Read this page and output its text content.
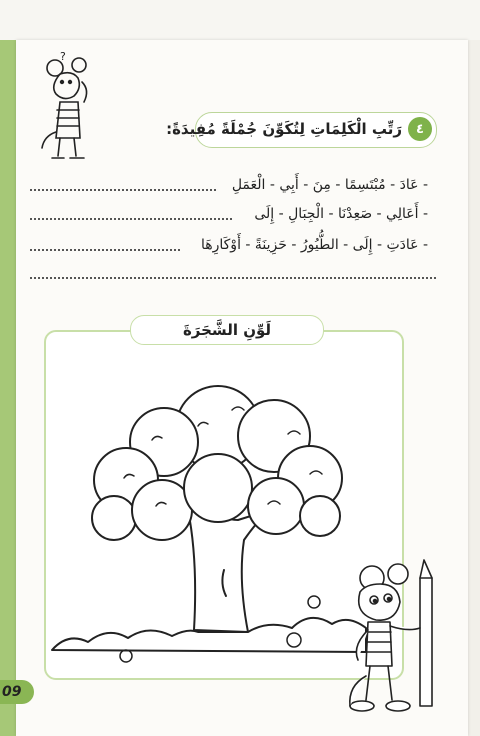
?
٤
رَتِّبِ الْكَلِمَاتِ لِتُكَوِّنَ جُمْلَةً مُفِيدَةً:
- عَادَ - مُبْتَسِمًا - مِنَ - أَبِي - الْعَمَلِ
- أَعَالِي - صَعِدْنَا - الْجِبَالِ - إِلَى
- عَادَتِ - إِلَى - الطُّيُورُ - حَزِينَةً - أَوْكَارِهَا
لَوِّنِ الشَّجَرَةَ
09
